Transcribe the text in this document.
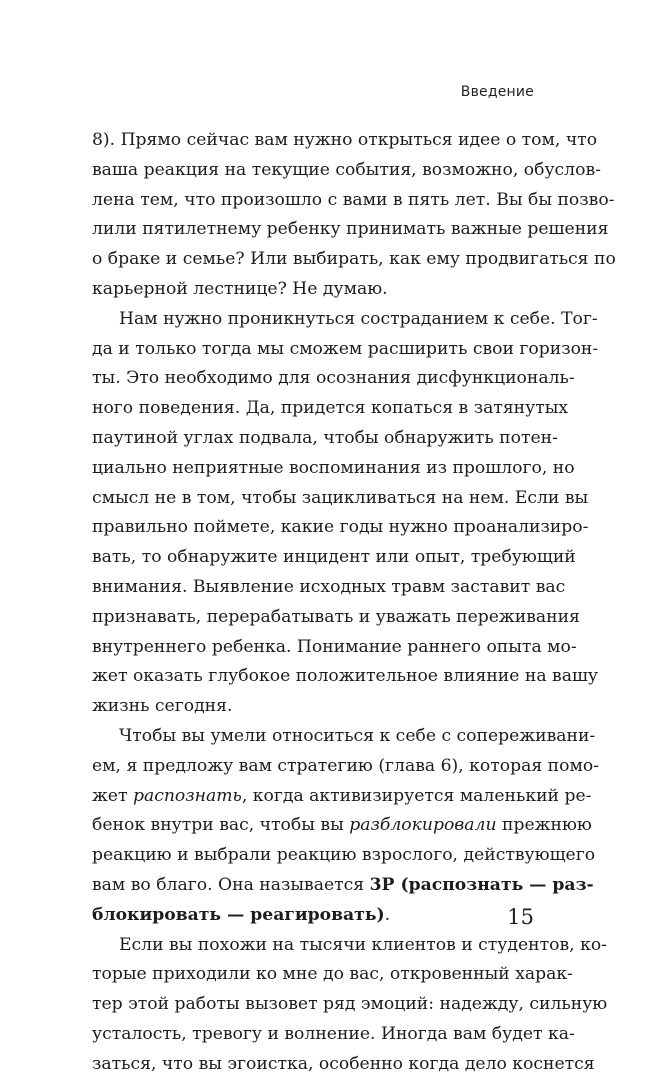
Введение
8). Прямо сейчас вам нужно открыться идее о том, что
ваша реакция на текущие события, возможно, обуслов-
лена тем, что произошло с вами в пять лет. Вы бы позво-
лили пятилетнему ребенку принимать важные решения
о браке и семье? Или выбирать, как ему продвигаться по
карьерной лестнице? Не думаю.
Нам нужно проникнуться состраданием к себе. Тог-
да и только тогда мы сможем расширить свои горизон-
ты. Это необходимо для осознания дисфункциональ-
ного поведения. Да, придется копаться в затянутых
паутиной углах подвала, чтобы обнаружить потен-
циально неприятные воспоминания из прошлого, но
смысл не в том, чтобы зацикливаться на нем. Если вы
правильно поймете, какие годы нужно проанализиро-
вать, то обнаружите инцидент или опыт, требующий
внимания. Выявление исходных травм заставит вас
признавать, перерабатывать и уважать переживания
внутреннего ребенка. Понимание раннего опыта мо-
жет оказать глубокое положительное влияние на вашу
жизнь сегодня.
Чтобы вы умели относиться к себе с сопереживани-
ем, я предложу вам стратегию (глава 6), которая помо-
жет распознать, когда активизируется маленький ре-
бенок внутри вас, чтобы вы разблокировали прежнюю
реакцию и выбрали реакцию взрослого, действующего
вам во благо. Она называется 3Р (распознать — раз-
блокировать — реагировать).
Если вы похожи на тысячи клиентов и студентов, ко-
торые приходили ко мне до вас, откровенный харак-
тер этой работы вызовет ряд эмоций: надежду, сильную
усталость, тревогу и волнение. Иногда вам будет ка-
заться, что вы эгоистка, особенно когда дело коснется
15
